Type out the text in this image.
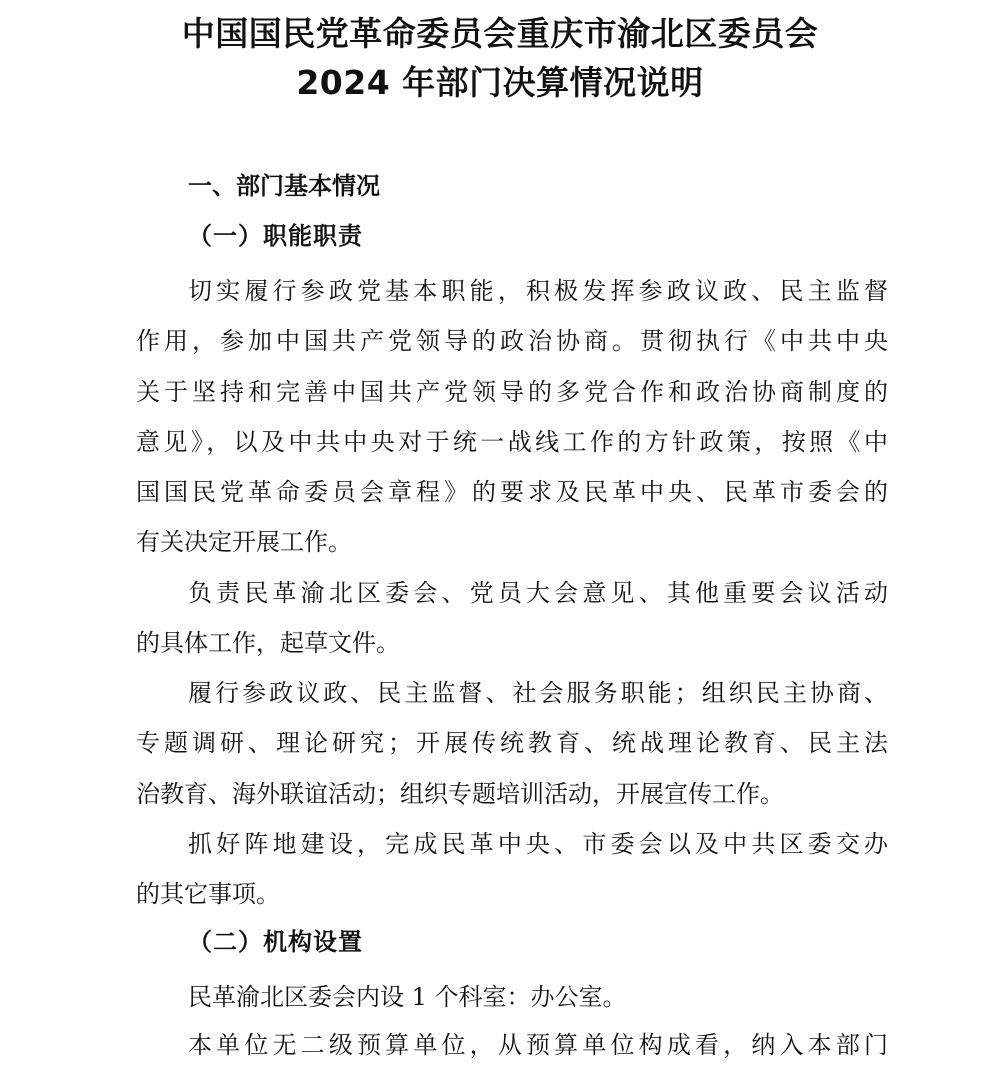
中国国民党革命委员会重庆市渝北区委员会
2024 年部门决算情况说明
一、部门基本情况
（一）职能职责
切实履行参政党基本职能，积极发挥参政议政、民主监督
作用，参加中国共产党领导的政治协商。贯彻执行《中共中央
关于坚持和完善中国共产党领导的多党合作和政治协商制度的
意见》，以及中共中央对于统一战线工作的方针政策，按照《中
国国民党革命委员会章程》的要求及民革中央、民革市委会的
有关决定开展工作。
负责民革渝北区委会、党员大会意见、其他重要会议活动
的具体工作，起草文件。
履行参政议政、民主监督、社会服务职能；组织民主协商、
专题调研、理论研究；开展传统教育、统战理论教育、民主法
治教育、海外联谊活动；组织专题培训活动，开展宣传工作。
抓好阵地建设，完成民革中央、市委会以及中共区委交办
的其它事项。
（二）机构设置
民革渝北区委会内设 1 个科室：办公室。
本单位无二级预算单位，从预算单位构成看，纳入本部门
